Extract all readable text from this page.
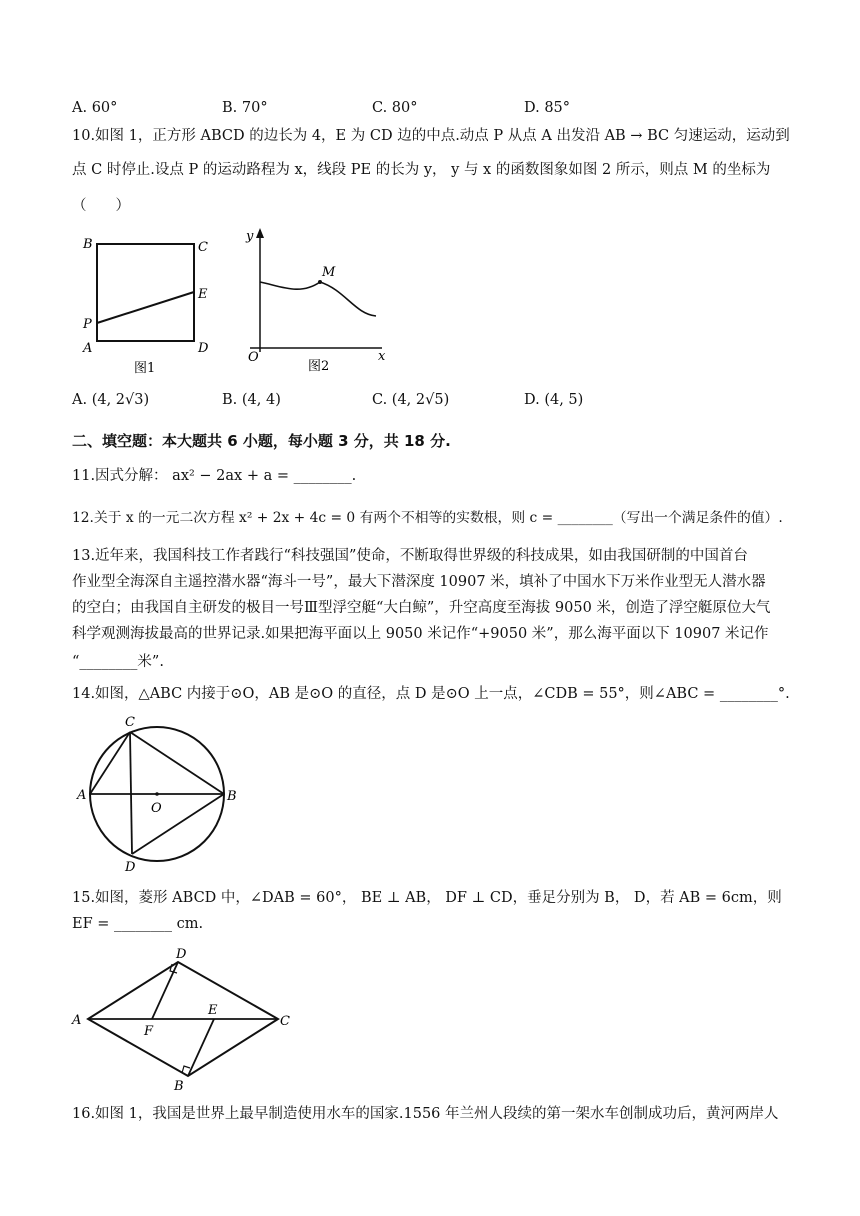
A. 60°	B. 70°	C. 80°	D. 85°
10.如图 1，正方形 ABCD 的边长为 4，E 为 CD 边的中点.动点 P 从点 A 出发沿 AB → BC 匀速运动，运动到
点 C 时停止.设点 P 的运动路程为 x，线段 PE 的长为 y， y 与 x 的函数图象如图 2 所示，则点 M 的坐标为
（　　）
B	C
E
P
A	D
图1
y
x
O
M
图2
A. (4, 2√3)	B. (4, 4)	C. (4, 2√5)	D. (4, 5)
二、填空题：本大题共 6 小题，每小题 3 分，共 18 分.
11.因式分解： ax² − 2ax + a = ________.
12.关于 x 的一元二次方程 x² + 2x + 4c = 0 有两个不相等的实数根，则 c = ________（写出一个满足条件的值）.
13.近年来，我国科技工作者践行“科技强国”使命，不断取得世界级的科技成果，如由我国研制的中国首台
作业型全海深自主遥控潜水器“海斗一号”，最大下潜深度 10907 米，填补了中国水下万米作业型无人潜水器
的空白；由我国自主研发的极目一号Ⅲ型浮空艇“大白鲸”，升空高度至海拔 9050 米，创造了浮空艇原位大气
科学观测海拔最高的世界记录.如果把海平面以上 9050 米记作“+9050 米”，那么海平面以下 10907 米记作
“________米”.
14.如图，△ABC 内接于⊙O，AB 是⊙O 的直径，点 D 是⊙O 上一点，∠CDB = 55°，则∠ABC = ________°.
A	B
C
D
O
15.如图，菱形 ABCD 中，∠DAB = 60°， BE ⊥ AB， DF ⊥ CD，垂足分别为 B， D，若 AB = 6cm，则
EF = ________ cm.
A	C
D
B
E
F
16.如图 1，我国是世界上最早制造使用水车的国家.1556 年兰州人段续的第一架水车创制成功后，黄河两岸人
